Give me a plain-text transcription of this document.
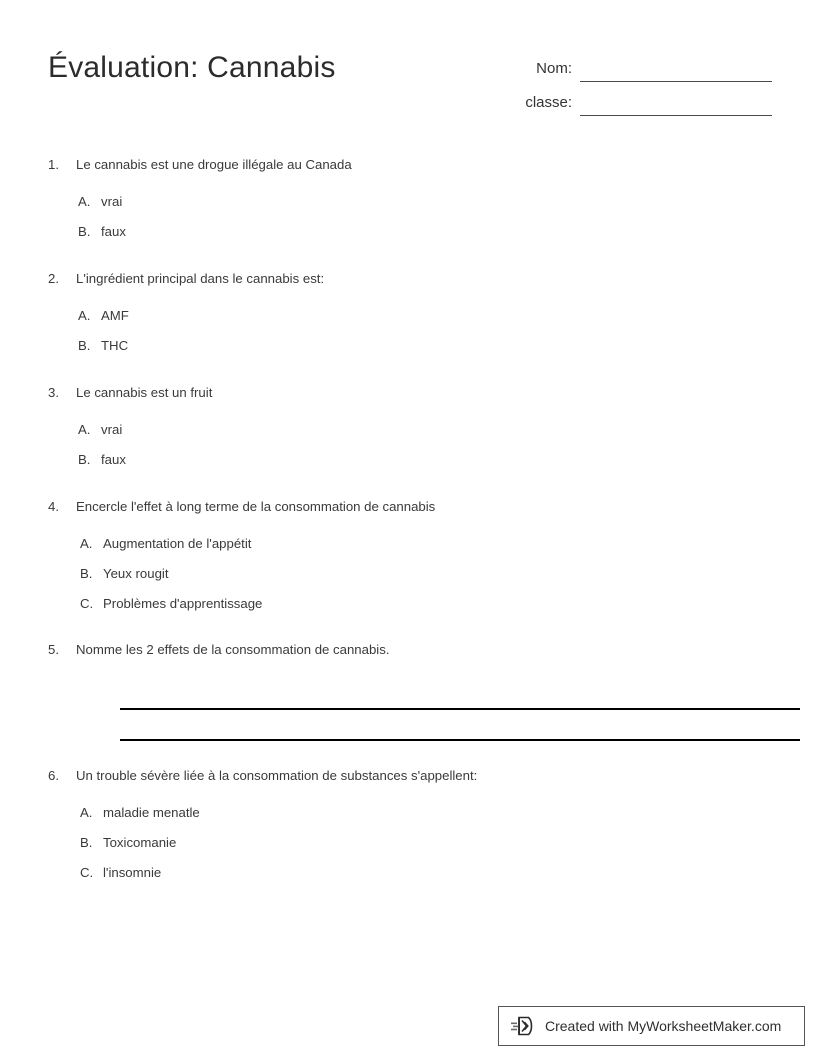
Évaluation: Cannabis	Nom:
classe:
1.	Le cannabis est une drogue illégale au Canada
A. vrai
B. faux
2.	L'ingrédient principal dans le cannabis est:
A. AMF
B. THC
3.	Le cannabis est un fruit
A. vrai
B. faux
4.	Encercle l'effet à long terme de la consommation de cannabis
A. Augmentation de l'appétit
B. Yeux rougit
C. Problèmes d'apprentissage
5.	Nomme les 2 effets de la consommation de cannabis.
6.	Un trouble sévère liée à la consommation de substances s'appellent:
A. maladie menatle
B. Toxicomanie
C. l'insomnie
Created with MyWorksheetMaker.com
